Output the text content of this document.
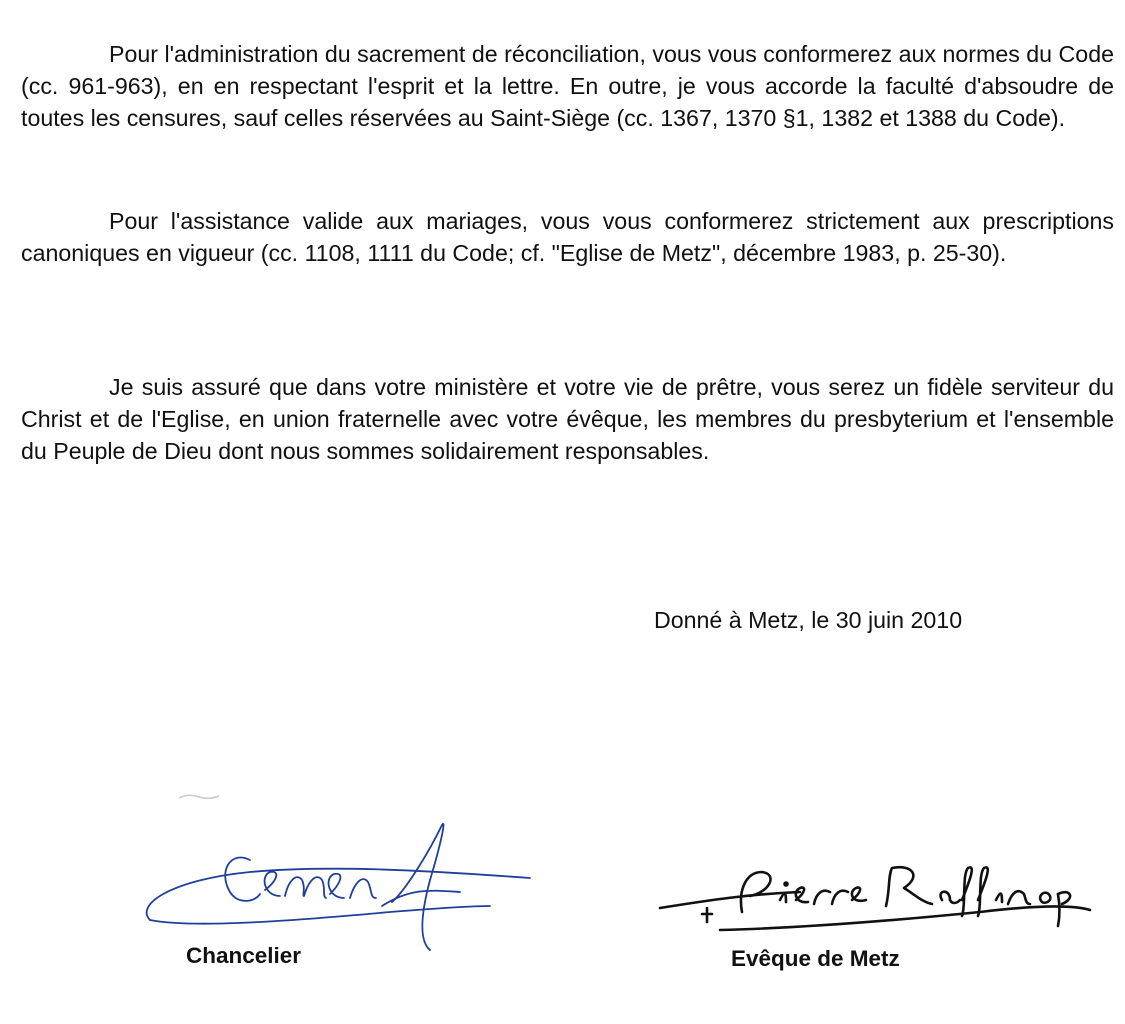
Pour l'administration du sacrement de réconciliation, vous vous conformerez aux normes du Code (cc. 961-963), en en respectant l'esprit et la lettre. En outre, je vous accorde la faculté d'absoudre de toutes les censures, sauf celles réservées au Saint-Siège (cc. 1367, 1370 §1, 1382 et 1388 du Code).

Pour l'assistance valide aux mariages, vous vous conformerez strictement aux prescriptions canoniques en vigueur (cc. 1108, 1111 du Code; cf. "Eglise de Metz", décembre 1983, p. 25-30).

Je suis assuré que dans votre ministère et votre vie de prêtre, vous serez un fidèle serviteur du Christ et de l'Eglise, en union fraternelle avec votre évêque, les membres du presbyterium et l'ensemble du Peuple de Dieu dont nous sommes solidairement responsables.

Donné à Metz, le 30 juin 2010
Chancelier	Evêque de Metz
